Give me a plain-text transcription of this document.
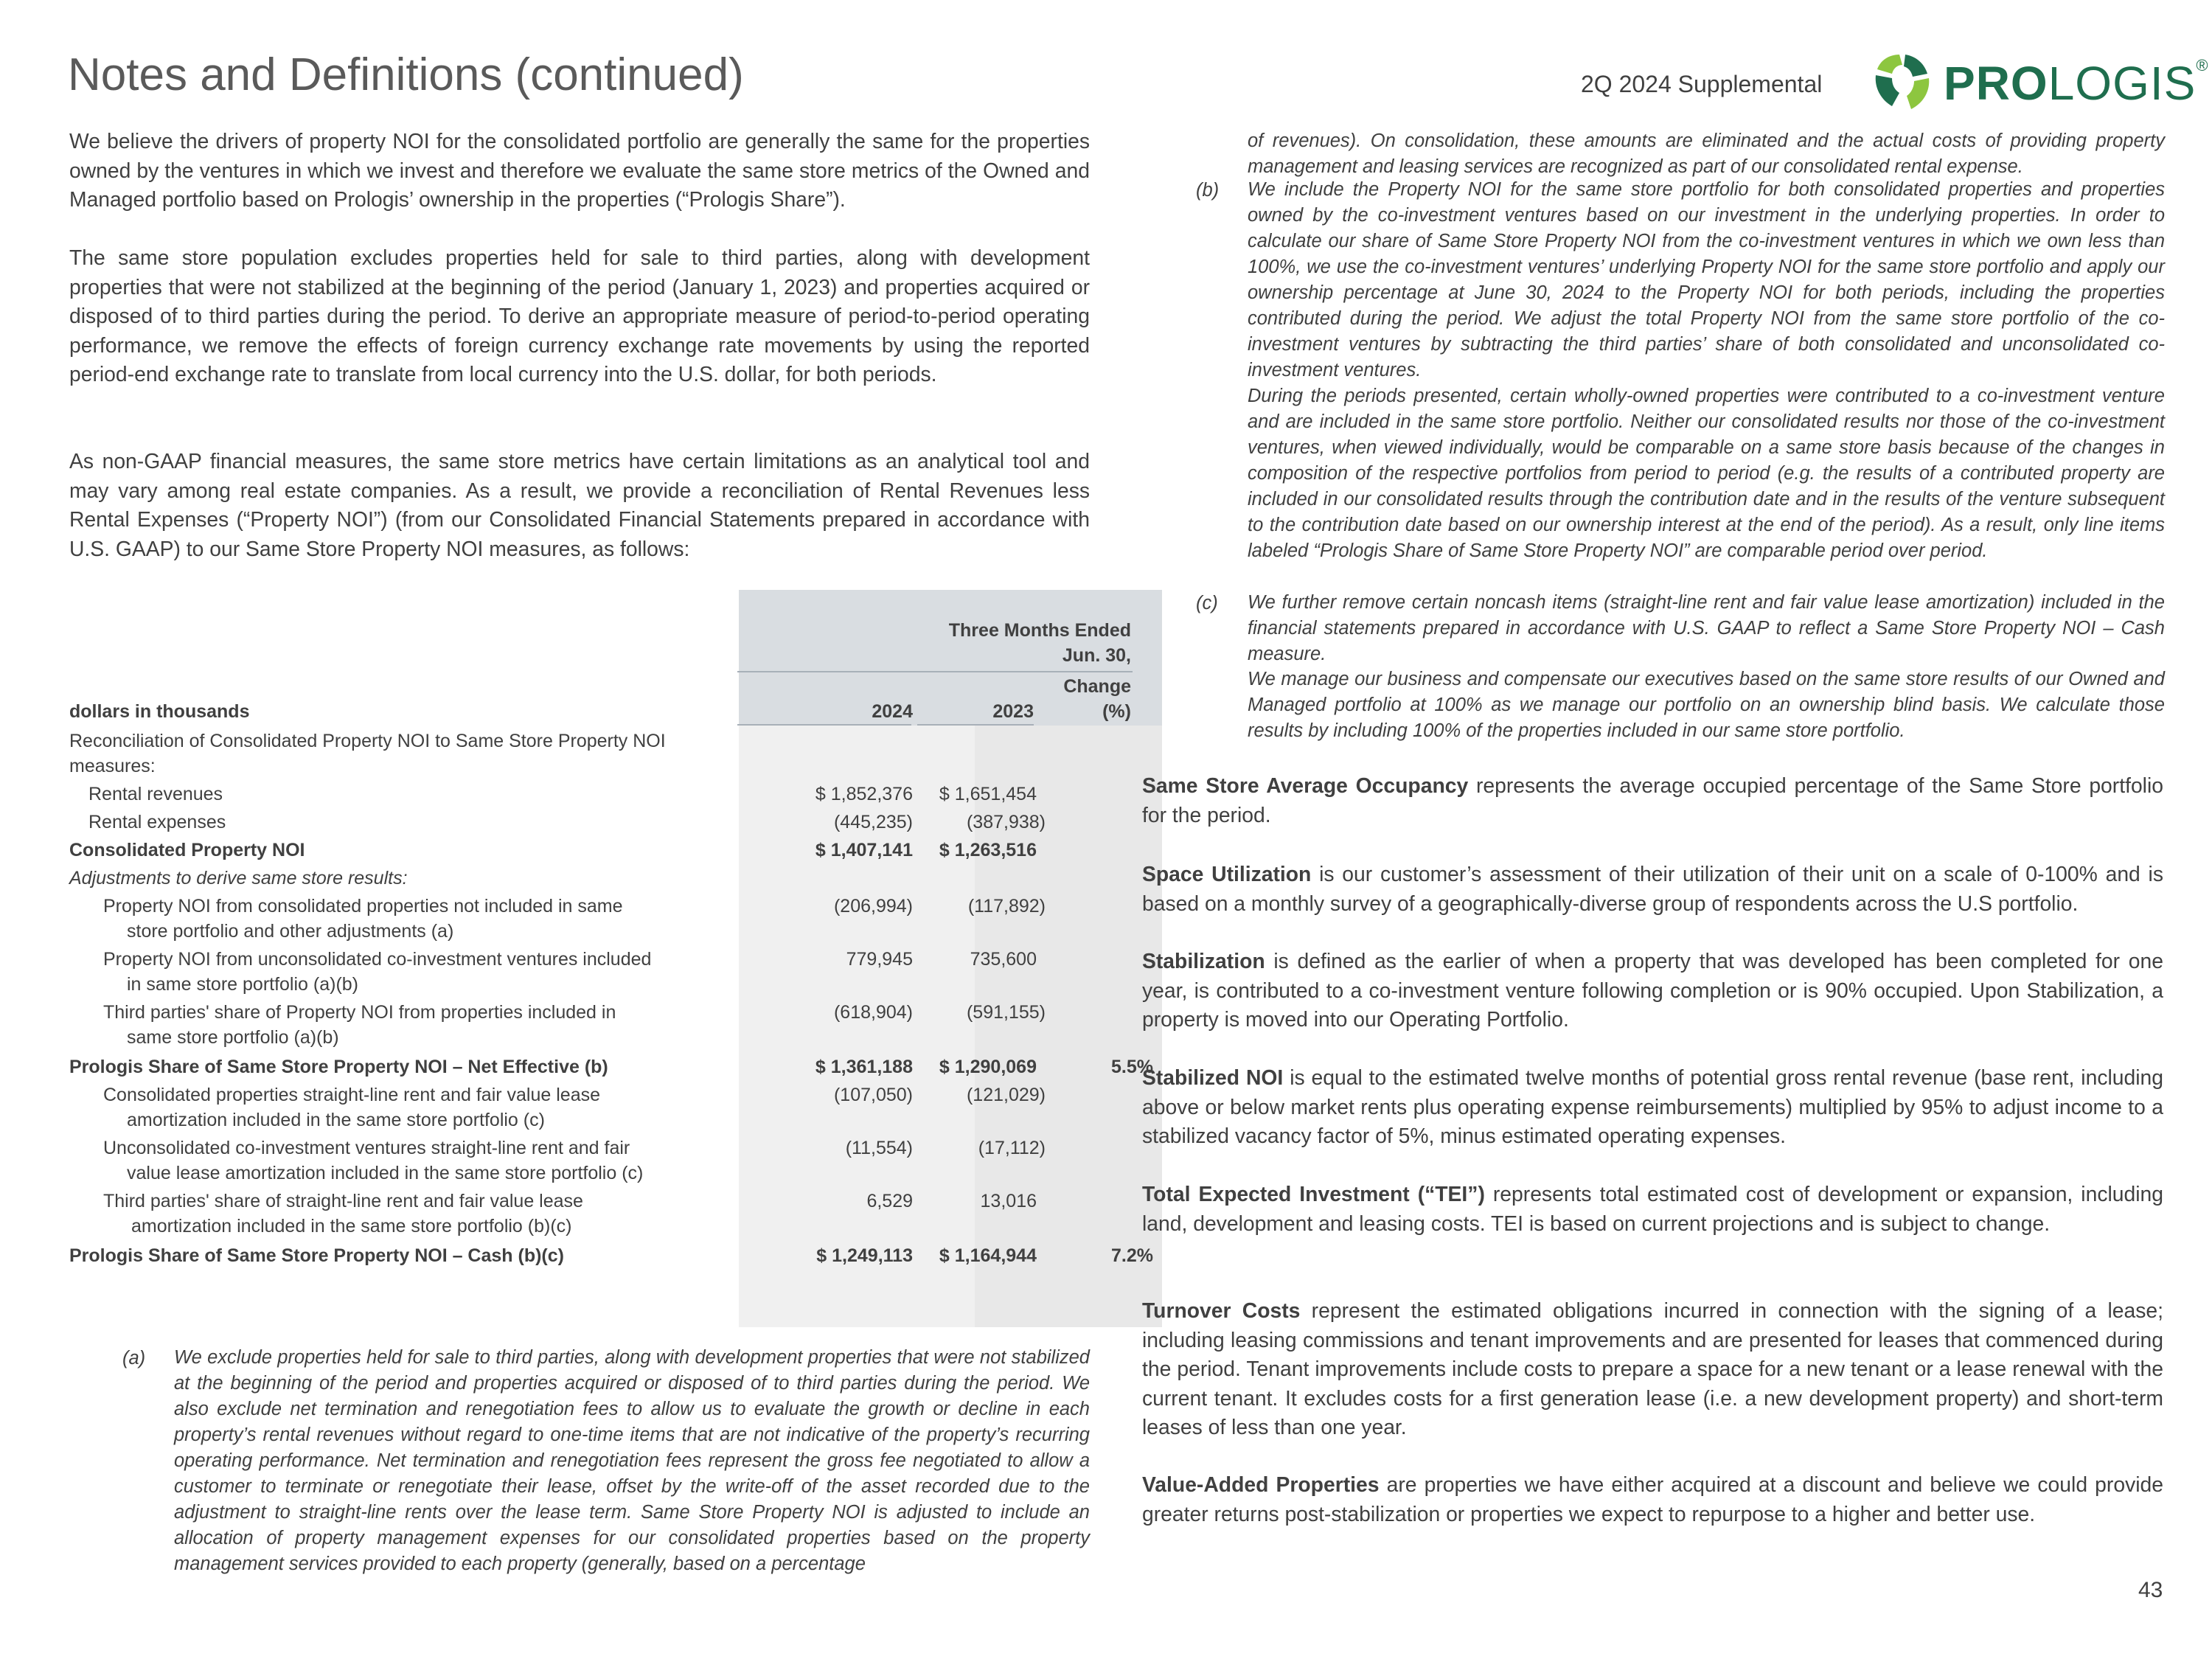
Notes and Definitions (continued)	2Q 2024 Supplemental	PROLOGIS®

We believe the drivers of property NOI for the consolidated portfolio are generally the same for the properties owned by the ventures in which we invest and therefore we evaluate the same store metrics of the Owned and Managed portfolio based on Prologis’ ownership in the properties (“Prologis Share”).

The same store population excludes properties held for sale to third parties, along with development properties that were not stabilized at the beginning of the period (January 1, 2023) and properties acquired or disposed of to third parties during the period. To derive an appropriate measure of period-to-period operating performance, we remove the effects of foreign currency exchange rate movements by using the reported period-end exchange rate to translate from local currency into the U.S. dollar, for both periods.

As non-GAAP financial measures, the same store metrics have certain limitations as an analytical tool and may vary among real estate companies. As a result, we provide a reconciliation of Rental Revenues less Rental Expenses (“Property NOI”) (from our Consolidated Financial Statements prepared in accordance with U.S. GAAP) to our Same Store Property NOI measures, as follows:

Three Months Ended
Jun. 30,
Change
dollars in thousands	2024	2023	(%)
Reconciliation of Consolidated Property NOI to Same Store Property NOI
measures:
Rental revenues	$ 1,852,376	$ 1,651,454
Rental expenses	(445,235)	(387,938)
Consolidated Property NOI	$ 1,407,141	$ 1,263,516
Adjustments to derive same store results:
Property NOI from consolidated properties not included in same
store portfolio and other adjustments (a)
(206,994)	(117,892)
Property NOI from unconsolidated co-investment ventures included
in same store portfolio (a)(b)
779,945	735,600
Third parties' share of Property NOI from properties included in
same store portfolio (a)(b)
(618,904)	(591,155)
Prologis Share of Same Store Property NOI – Net Effective (b)	$ 1,361,188	$ 1,290,069	5.5%
Consolidated properties straight-line rent and fair value lease
amortization included in the same store portfolio (c)
(107,050)	(121,029)
Unconsolidated co-investment ventures straight-line rent and fair
value lease amortization included in the same store portfolio (c)
(11,554)	(17,112)
Third parties' share of straight-line rent and fair value lease
amortization included in the same store portfolio (b)(c)
6,529	13,016
Prologis Share of Same Store Property NOI – Cash (b)(c)	$ 1,249,113	$ 1,164,944	7.2%
(a) We exclude properties held for sale to third parties, along with development properties that were not stabilized at the beginning of the period and properties acquired or disposed of to third parties during the period. We also exclude net termination and renegotiation fees to allow us to evaluate the growth or decline in each property’s rental revenues without regard to one-time items that are not indicative of the property’s recurring operating performance. Net termination and renegotiation fees represent the gross fee negotiated to allow a customer to terminate or renegotiate their lease, offset by the write-off of the asset recorded due to the adjustment to straight-line rents over the lease term. Same Store Property NOI is adjusted to include an allocation of property management expenses for our consolidated properties based on the property management services provided to each property (generally, based on a percentage

of revenues). On consolidation, these amounts are eliminated and the actual costs of providing property management and leasing services are recognized as part of our consolidated rental expense.

(b) We include the Property NOI for the same store portfolio for both consolidated properties and properties owned by the co-investment ventures based on our investment in the underlying properties. In order to calculate our share of Same Store Property NOI from the co-investment ventures in which we own less than 100%, we use the co-investment ventures’ underlying Property NOI for the same store portfolio and apply our ownership percentage at June 30, 2024 to the Property NOI for both periods, including the properties contributed during the period. We adjust the total Property NOI from the same store portfolio of the co-investment ventures by subtracting the third parties’ share of both consolidated and unconsolidated co-investment ventures.

During the periods presented, certain wholly-owned properties were contributed to a co-investment venture and are included in the same store portfolio. Neither our consolidated results nor those of the co-investment ventures, when viewed individually, would be comparable on a same store basis because of the changes in composition of the respective portfolios from period to period (e.g. the results of a contributed property are included in our consolidated results through the contribution date and in the results of the venture subsequent to the contribution date based on our ownership interest at the end of the period). As a result, only line items labeled “Prologis Share of Same Store Property NOI” are comparable period over period.

(c) We further remove certain noncash items (straight-line rent and fair value lease amortization) included in the financial statements prepared in accordance with U.S. GAAP to reflect a Same Store Property NOI – Cash measure.

We manage our business and compensate our executives based on the same store results of our Owned and Managed portfolio at 100% as we manage our portfolio on an ownership blind basis. We calculate those results by including 100% of the properties included in our same store portfolio.

Same Store Average Occupancy represents the average occupied percentage of the Same Store portfolio for the period.

Space Utilization is our customer’s assessment of their utilization of their unit on a scale of 0-100% and is based on a monthly survey of a geographically-diverse group of respondents across the U.S portfolio.

Stabilization is defined as the earlier of when a property that was developed has been completed for one year, is contributed to a co-investment venture following completion or is 90% occupied. Upon Stabilization, a property is moved into our Operating Portfolio.

Stabilized NOI is equal to the estimated twelve months of potential gross rental revenue (base rent, including above or below market rents plus operating expense reimbursements) multiplied by 95% to adjust income to a stabilized vacancy factor of 5%, minus estimated operating expenses.

Total Expected Investment (“TEI”) represents total estimated cost of development or expansion, including land, development and leasing costs. TEI is based on current projections and is subject to change.

Turnover Costs represent the estimated obligations incurred in connection with the signing of a lease; including leasing commissions and tenant improvements and are presented for leases that commenced during the period. Tenant improvements include costs to prepare a space for a new tenant or a lease renewal with the current tenant. It excludes costs for a first generation lease (i.e. a new development property) and short-term leases of less than one year.

Value-Added Properties are properties we have either acquired at a discount and believe we could provide greater returns post-stabilization or properties we expect to repurpose to a higher and better use.

43
